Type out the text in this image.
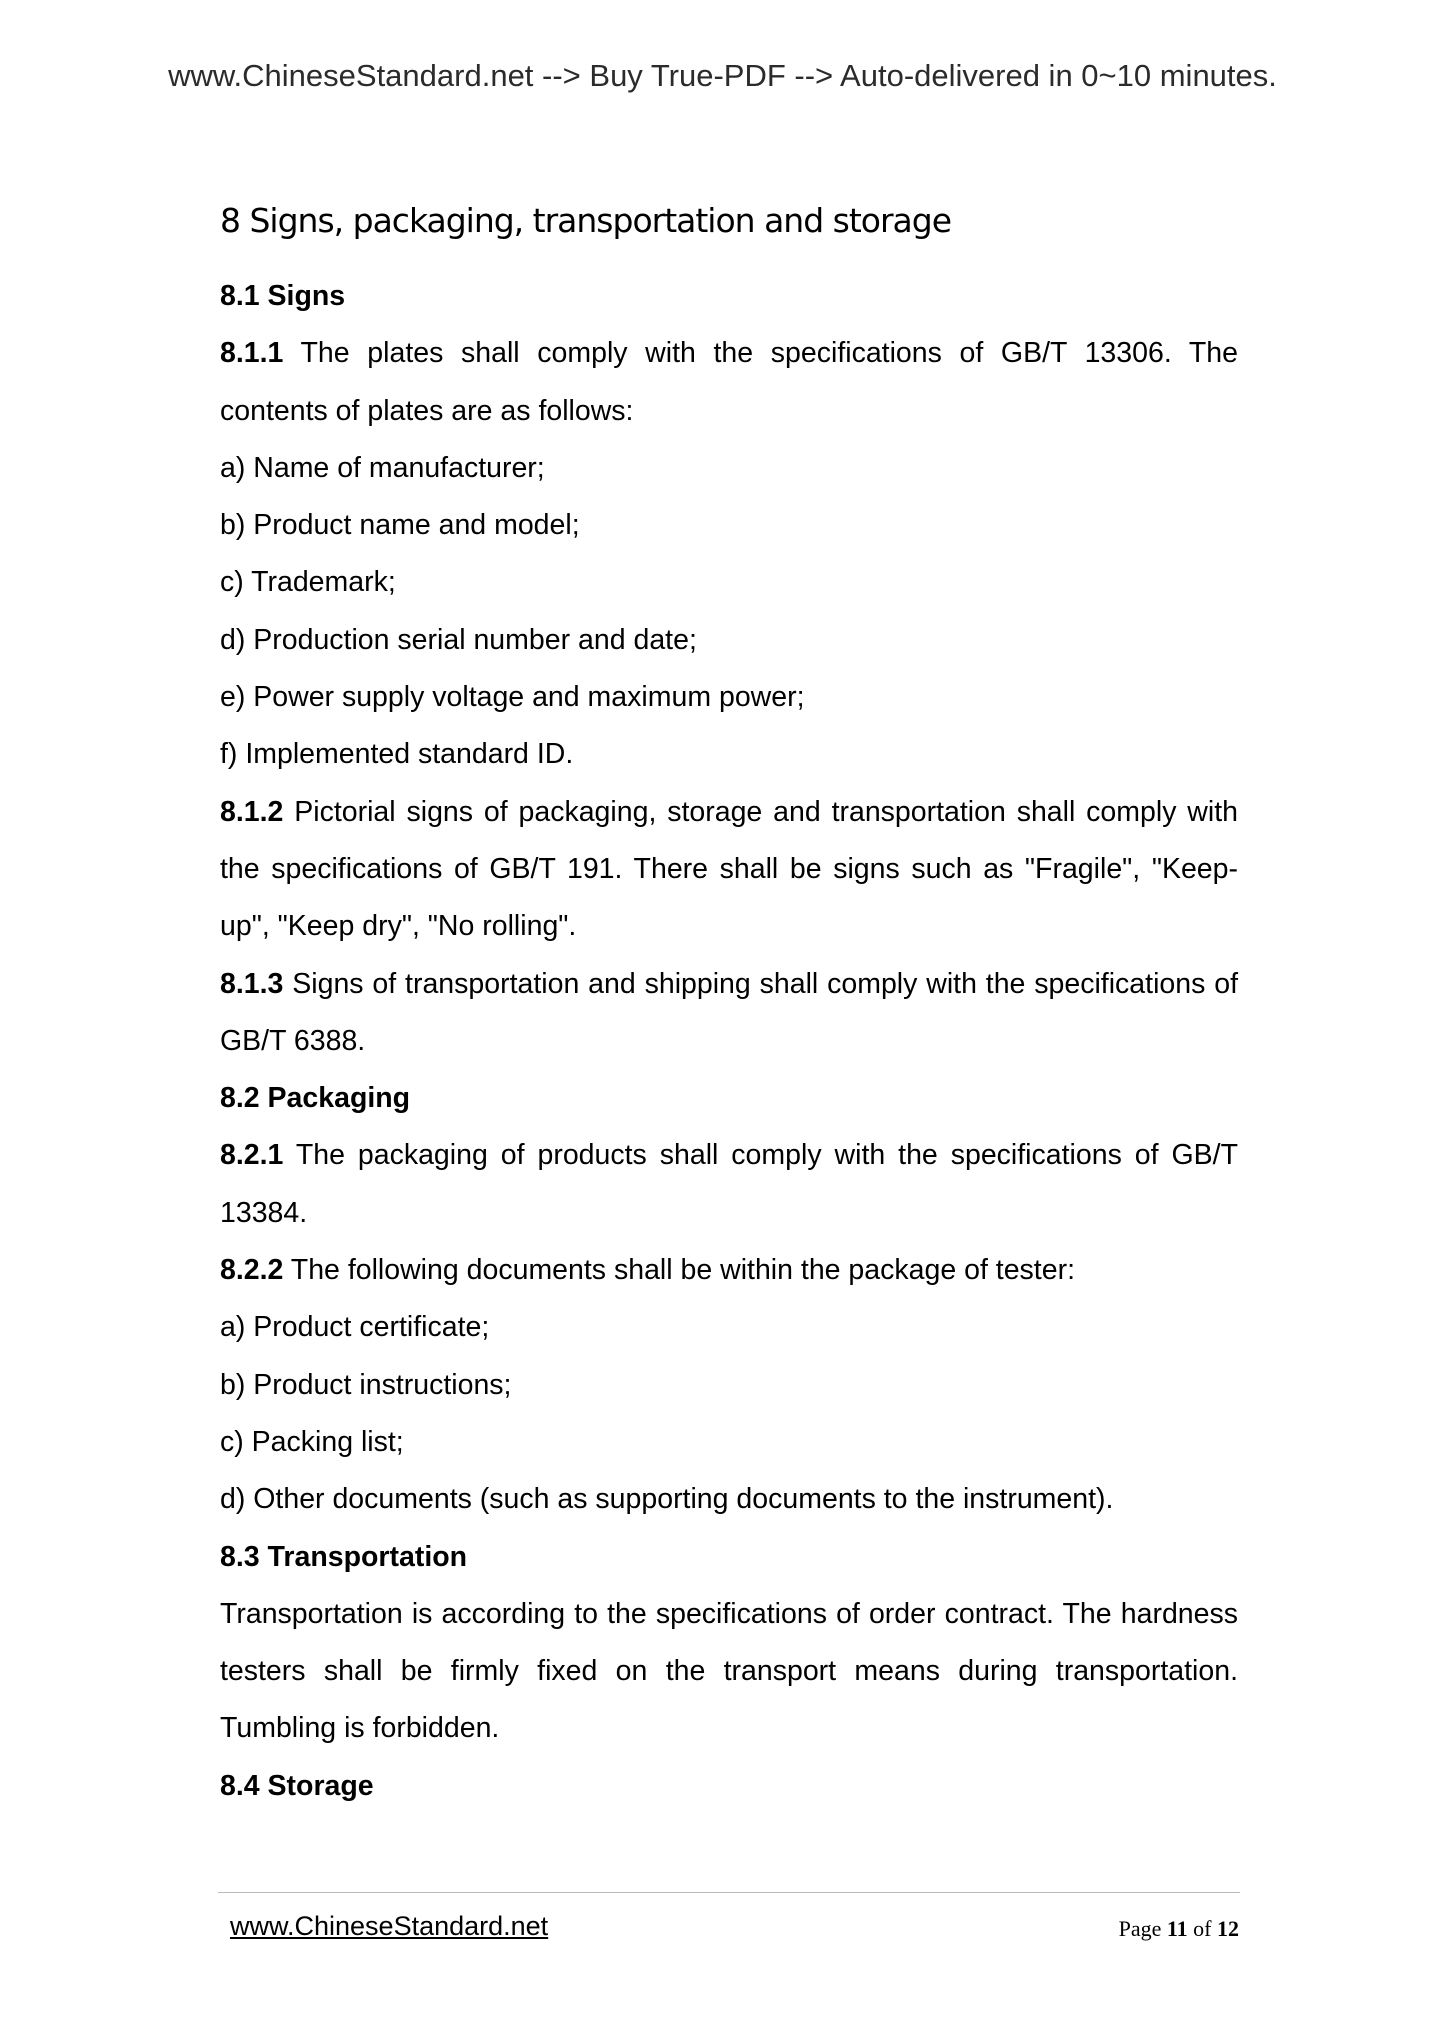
www.ChineseStandard.net --> Buy True-PDF --> Auto-delivered in 0~10 minutes.
8 Signs, packaging, transportation and storage

8.1 Signs

8.1.1 The plates shall comply with the specifications of GB/T 13306. The contents of plates are as follows:

a) Name of manufacturer;

b) Product name and model;

c) Trademark;

d) Production serial number and date;

e) Power supply voltage and maximum power;

f) Implemented standard ID.

8.1.2 Pictorial signs of packaging, storage and transportation shall comply with the specifications of GB/T 191. There shall be signs such as "Fragile", "Keep-up", "Keep dry", "No rolling".

8.1.3 Signs of transportation and shipping shall comply with the specifications of GB/T 6388.

8.2 Packaging

8.2.1 The packaging of products shall comply with the specifications of GB/T 13384.

8.2.2 The following documents shall be within the package of tester:

a) Product certificate;

b) Product instructions;

c) Packing list;

d) Other documents (such as supporting documents to the instrument).

8.3 Transportation

Transportation is according to the specifications of order contract. The hardness testers shall be firmly fixed on the transport means during transportation. Tumbling is forbidden.

8.4 Storage

www.ChineseStandard.net	Page 11 of 12
